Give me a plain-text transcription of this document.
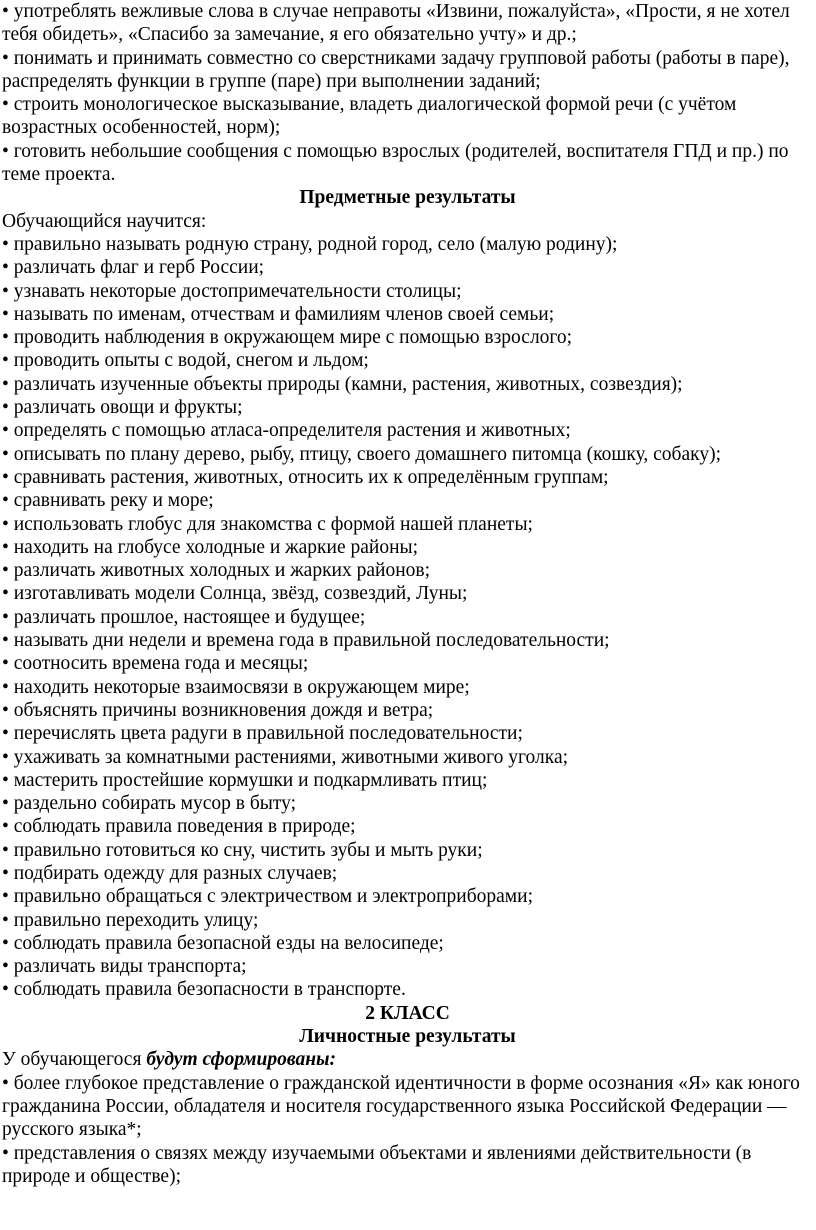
• употреблять вежливые слова в случае неправоты «Извини, пожалуйста», «Прости, я не хотел тебя обидеть», «Спасибо за замечание, я его обязательно учту» и др.;

• понимать и принимать совместно со сверстниками задачу групповой работы (работы в паре), распределять функции в группе (паре) при выполнении заданий;

• строить монологическое высказывание, владеть диалогической формой речи (с учётом возрастных особенностей, норм);

• готовить небольшие сообщения с помощью взрослых (родителей, воспитателя ГПД и пр.) по теме проекта.

Предметные результаты

Обучающийся научится:

• правильно называть родную страну, родной город, село (малую родину);

• различать флаг и герб России;

• узнавать некоторые достопримечательности столицы;

• называть по именам, отчествам и фамилиям членов своей семьи;

• проводить наблюдения в окружающем мире с помощью взрослого;

• проводить опыты с водой, снегом и льдом;

• различать изученные объекты природы (камни, растения, животных, созвездия);

• различать овощи и фрукты;

• определять с помощью атласа-определителя растения и животных;

• описывать по плану дерево, рыбу, птицу, своего домашнего питомца (кошку, собаку);

• сравнивать растения, животных, относить их к определённым группам;

• сравнивать реку и море;

• использовать глобус для знакомства с формой нашей планеты;

• находить на глобусе холодные и жаркие районы;

• различать животных холодных и жарких районов;

• изготавливать модели Солнца, звёзд, созвездий, Луны;

• различать прошлое, настоящее и будущее;

• называть дни недели и времена года в правильной последовательности;

• соотносить времена года и месяцы;

• находить некоторые взаимосвязи в окружающем мире;

• объяснять причины возникновения дождя и ветра;

• перечислять цвета радуги в правильной последовательности;

• ухаживать за комнатными растениями, животными живого уголка;

• мастерить простейшие кормушки и подкармливать птиц;

• раздельно собирать мусор в быту;

• соблюдать правила поведения в природе;

• правильно готовиться ко сну, чистить зубы и мыть руки;

• подбирать одежду для разных случаев;

• правильно обращаться с электричеством и электроприборами;

• правильно переходить улицу;

• соблюдать правила безопасной езды на велосипеде;

• различать виды транспорта;

• соблюдать правила безопасности в транспорте.

2 КЛАСС

Личностные результаты

У обучающегося будут сформированы:

• более глубокое представление о гражданской идентичности в форме осознания «Я» как юного гражданина России, обладателя и носителя государственного языка Российской Федерации — русского языка*;

• представления о связях между изучаемыми объектами и явлениями действительности (в природе и обществе);
